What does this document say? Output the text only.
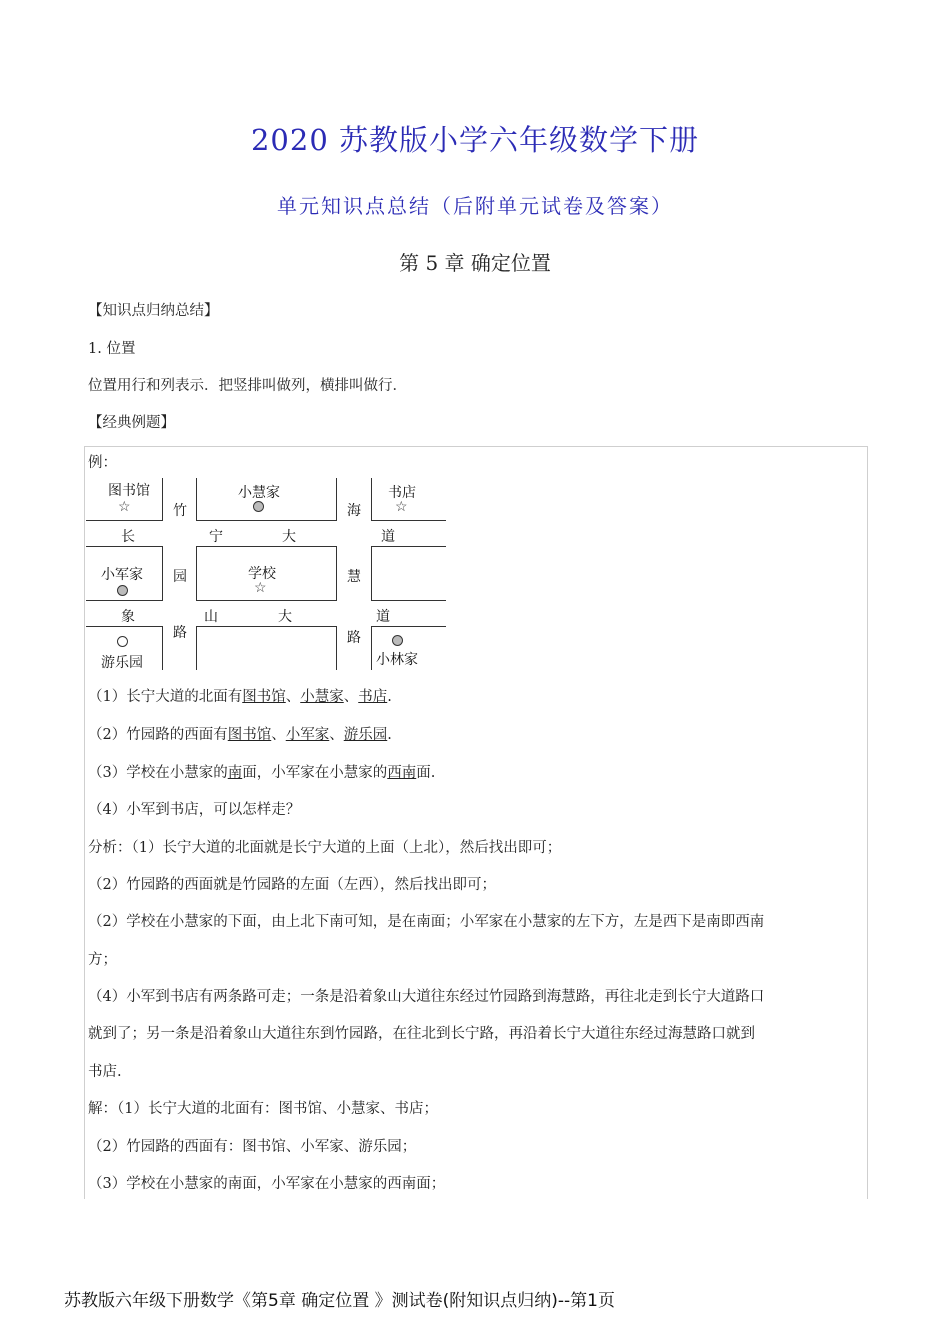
2020 苏教版小学六年级数学下册
单元知识点总结（后附单元试卷及答案）
第 5 章 确定位置
【知识点归纳总结】
1. 位置
位置用行和列表示．把竖排叫做列，横排叫做行．
【经典例题】
例：
图书馆
☆
小慧家	书店
☆
小军家	学校
☆
游乐园	小林家
竹
园
路
海
慧
路
长	宁	大	道
象	山	大	道
（1）长宁大道的北面有图书馆、小慧家、书店.
（2）竹园路的西面有图书馆、小军家、游乐园.
（3）学校在小慧家的南面，小军家在小慧家的西南面.
（4）小军到书店，可以怎样走？
分析：（1）长宁大道的北面就是长宁大道的上面（上北），然后找出即可；
（2）竹园路的西面就是竹园路的左面（左西），然后找出即可；
（2）学校在小慧家的下面，由上北下南可知，是在南面；小军家在小慧家的左下方，左是西下是南即西南
方；
（4）小军到书店有两条路可走；一条是沿着象山大道往东经过竹园路到海慧路，再往北走到长宁大道路口
就到了；另一条是沿着象山大道往东到竹园路，在往北到长宁路，再沿着长宁大道往东经过海慧路口就到
书店.
解：（1）长宁大道的北面有：图书馆、小慧家、书店；
（2）竹园路的西面有：图书馆、小军家、游乐园；
（3）学校在小慧家的南面，小军家在小慧家的西南面；
苏教版六年级下册数学《第5章 确定位置 》测试卷(附知识点归纳)--第1页
